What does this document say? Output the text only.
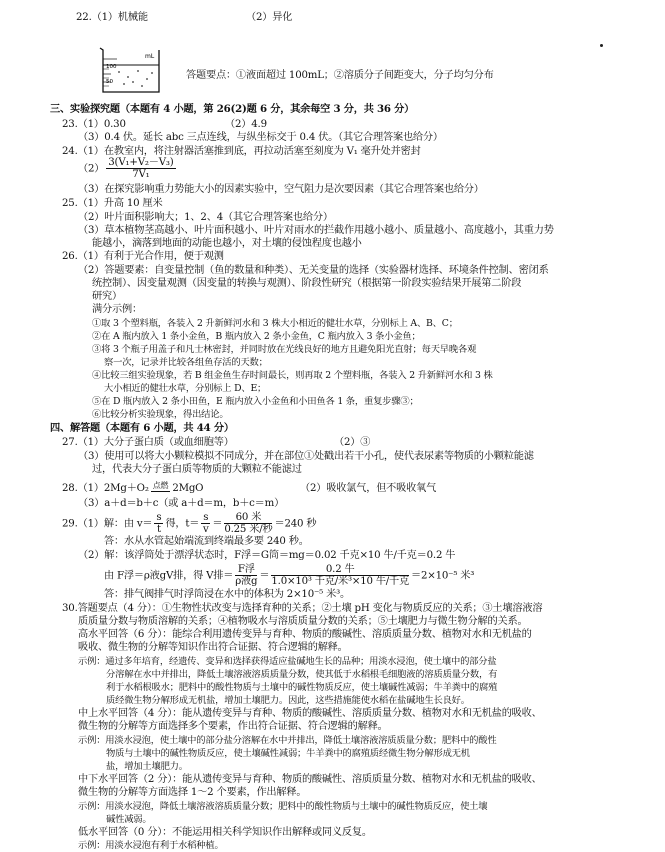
22.（1）机械能	（2）异化
mL
100
50
答题要点：①液面超过 100mL；②溶质分子间距变大，分子均匀分布
三、实验探究题（本题有 4 小题，第 26(2)题 6 分，其余每空 3 分，共 36 分）
23.（1）0.30	（2）4.9
（3）0.4 伏。延长 abc 三点连线，与纵坐标交于 0.4 伏。（其它合理答案也给分）
24.（1）在教室内，将注射器活塞推到底，再拉动活塞至刻度为 V₁ 毫升处并密封
$(2) \frac{\text{3(V₁+V₂－V₃)}}{\text{7V₁}}$
（3）在探究影响重力势能大小的因素实验中，空气阻力是次要因素（其它合理答案也给分）
25.（1）升高 10 厘米
（2）叶片面积影响大；1、2、4（其它合理答案也给分）
（3）草本植物茎高越小、叶片面积越小、叶片对雨水的拦截作用越小越小、质量越小、高度越小，其重力势
能越小，滴落到地面的动能也越小，对土壤的侵蚀程度也越小
26.（1）有利于光合作用，便于观测
（2）答题要素：自变量控制（鱼的数量和种类）、无关变量的选择（实验器材选择、环境条件控制、密闭系
统控制）、因变量观测（因变量的转换与观测）、阶段性研究（根据第一阶段实验结果开展第二阶段
研究）
满分示例：
①取 3 个塑料瓶，各装入 2 升新鲜河水和 3 株大小相近的健壮水草，分别标上 A、B、C；
②在 A 瓶内放入 1 条小金鱼，B 瓶内放入 2 条小金鱼，C 瓶内放入 3 条小金鱼；
③将 3 个瓶子用盖子和凡士林密封，并同时放在光线良好的地方且避免阳光直射；每天早晚各观
察一次，记录并比较各组鱼存活的天数；
④比较三组实验现象，若 B 组金鱼生存时间最长，则再取 2 个塑料瓶，各装入 2 升新鲜河水和 3 株
大小相近的健壮水草，分别标上 D、E；
⑤在 D 瓶内放入 2 条小田鱼，E 瓶内放入小金鱼和小田鱼各 1 条，重复步骤③；
⑥比较分析实验现象，得出结论。
四、解答题（本题有 6 小题，共 44 分）
27.（1）大分子蛋白质（或血细胞等）	（2）③
（3）使用可以将大小颗粒模拟不同成分，并在部位①处戳出若干小孔，使代表尿素等物质的小颗粒能滤
过，代表大分子蛋白质等物质的大颗粒不能滤过
28.（1）2Mg＋O₂ 点燃
2MgO	（2）吸收氯气，但不吸收氧气
（3）a＋d＝b＋c（或 a＋d＝m，b＋c＝m）
29.（1）解：由 $v= \frac{s}{t}$ 得，$t= \frac{s}{v} = \frac{\text{60 米}}{\text{0.25 米/秒}} =240$ 秒
答：水从水管起始端流到终端最多要 240 秒。
（2）解：该浮筒处于漂浮状态时，F浮＝G筒＝mg＝0.02 千克×10 牛/千克＝0.2 牛
由 F浮＝ρ液gV排，得 V排＝ $\frac{\text{F浮}}{\text{ρ液g}} = \frac{\text{0.2 牛}}{\text{1.0×10³ 千克/米³×10 牛/千克}} =2\times 10^{-5}$ 米³
答：排气阀排气时浮筒浸在水中的体积为 2×10⁻⁵ 米³。
30.答题要点（4 分）：①生物性状改变与选择育种的关系；②土壤 pH 变化与物质反应的关系；③土壤溶液溶
质质量分数与物质溶解的关系；④植物吸水与溶质质量分数的关系；⑤土壤肥力与微生物分解的关系。
高水平回答（6 分）：能综合利用遗传变异与育种、物质的酸碱性、溶质质量分数、植物对水和无机盐的
吸收、微生物的分解等知识作出符合证据、符合逻辑的解释。
示例：通过多年培育，经遗传、变异和选择获得适应盐碱地生长的品种；用淡水浸泡，使土壤中的部分盐
分溶解在水中并排出，降低土壤溶液溶质质量分数，使其低于水稻根毛细胞液的溶质质量分数，有
利于水稻根吸水；肥料中的酸性物质与土壤中的碱性物质反应，使土壤碱性减弱；牛羊粪中的腐殖
质经微生物分解形成无机盐，增加土壤肥力。因此，这些措施能使水稻在盐碱地生长良好。
中上水平回答（4 分）：能从遗传变异与育种、物质的酸碱性、溶质质量分数、植物对水和无机盐的吸收、
微生物的分解等方面选择多个要素，作出符合证据、符合逻辑的解释。
示例：用淡水浸泡，使土壤中的部分盐分溶解在水中并排出，降低土壤溶液溶质质量分数；肥料中的酸性
物质与土壤中的碱性物质反应，使土壤碱性减弱；牛羊粪中的腐殖质经微生物分解形成无机
盐，增加土壤肥力。
中下水平回答（2 分）：能从遗传变异与育种、物质的酸碱性、溶质质量分数、植物对水和无机盐的吸收、
微生物的分解等方面选择 1～2 个要素，作出解释。
示例：用淡水浸泡，降低土壤溶液溶质质量分数；肥料中的酸性物质与土壤中的碱性物质反应，使土壤
碱性减弱。
低水平回答（0 分）：不能运用相关科学知识作出解释或同义反复。
示例：用淡水浸泡有利于水稻种植。
